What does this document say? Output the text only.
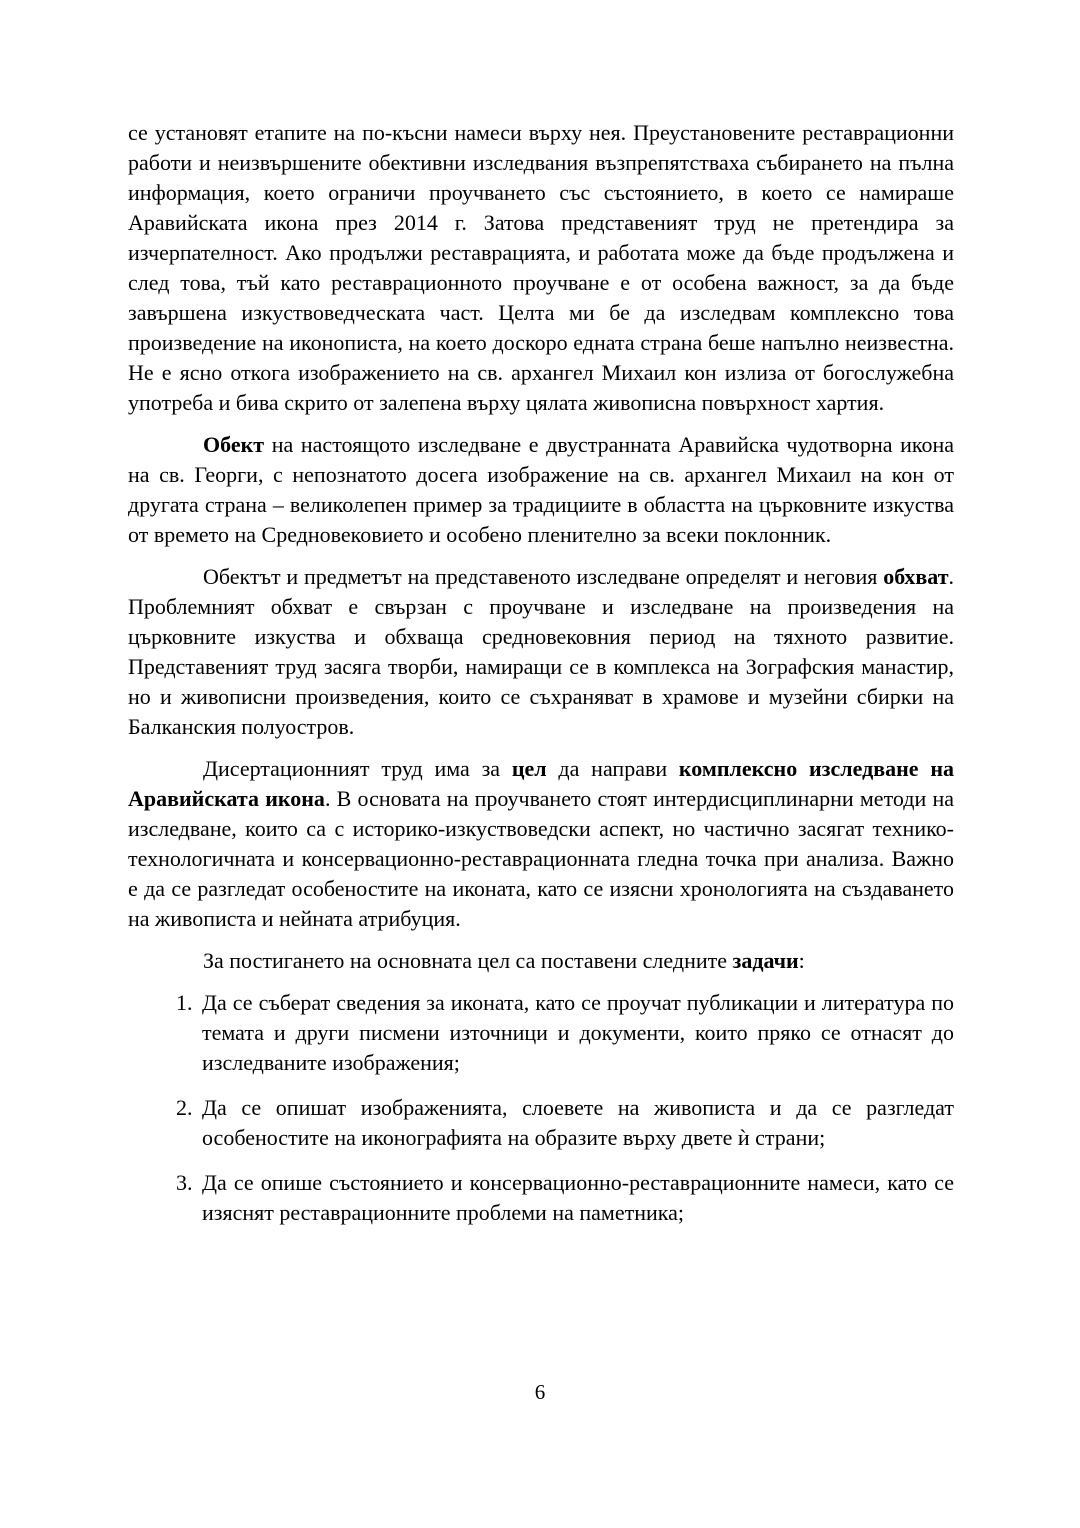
се установят етапите на по-късни намеси върху нея. Преустановените реставрационни работи и неизвършените обективни изследвания възпрепятстваха събирането на пълна информация, което ограничи проучването със състоянието, в което се намираше Аравийската икона през 2014 г. Затова представеният труд не претендира за изчерпателност. Ако продължи реставрацията, и работата може да бъде продължена и след това, тъй като реставрационното проучване е от особена важност, за да бъде завършена изкуствоведческата част. Целта ми бе да изследвам комплексно това произведение на иконописта, на което доскоро едната страна беше напълно неизвестна. Не е ясно откога изображението на св. архангел Михаил кон излиза от богослужебна употреба и бива скрито от залепена върху цялата живописна повърхност хартия.

Обект на настоящото изследване е двустранната Аравийска чудотворна икона на св. Георги, с непознатото досега изображение на св. архангел Михаил на кон от другата страна – великолепен пример за традициите в областта на църковните изкуства от времето на Средновековието и особено пленително за всеки поклонник.

Обектът и предметът на представеното изследване определят и неговия обхват. Проблемният обхват е свързан с проучване и изследване на произведения на църковните изкуства и обхваща средновековния период на тяхното развитие. Представеният труд засяга творби, намиращи се в комплекса на Зографския манастир, но и живописни произведения, които се съхраняват в храмове и музейни сбирки на Балканския полуостров.

Дисертационният труд има за цел да направи комплексно изследване на Аравийската икона. В основата на проучването стоят интердисциплинарни методи на изследване, които са с историко-изкуствоведски аспект, но частично засягат технико-технологичната и консервационно-реставрационната гледна точка при анализа. Важно е да се разгледат особеностите на иконата, като се изясни хронологията на създаването на живописта и нейната атрибуция.

За постигането на основната цел са поставени следните задачи:

1. Да се съберат сведения за иконата, като се проучат публикации и литература по темата и други писмени източници и документи, които пряко се отнасят до изследваните изображения;
2. Да се опишат изображенията, слоевете на живописта и да се разгледат особеностите на иконографията на образите върху двете ѝ страни;
3. Да се опише състоянието и консервационно-реставрационните намеси, като се изяснят реставрационните проблеми на паметника;
6
